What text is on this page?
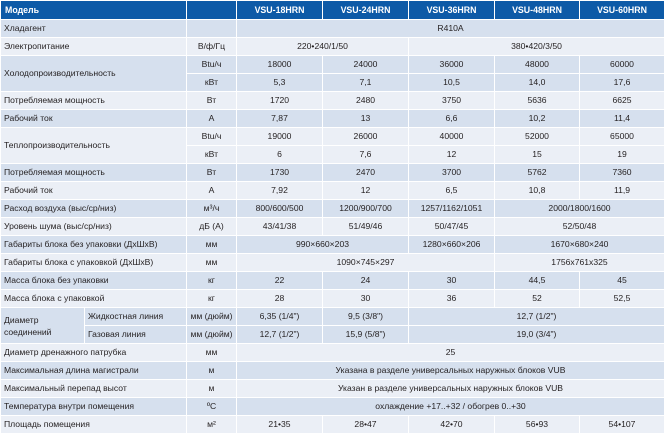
Модель			VSU-18HRN	VSU-24HRN	VSU-36HRN	VSU-48HRN	VSU-60HRN
Хладагент			R410A				
Электропитание		В/ф/Гц	220•240/1/50		380•420/3/50		
Холодопроизводительность		Btu/ч	18000	24000	36000	48000	60000
		кВт	5,3	7,1	10,5	14,0	17,6
Потребляемая мощность		Вт	1720	2480	3750	5636	6625
Рабочий ток		А	7,87	13	6,6	10,2	11,4
Теплопроизводительность		Btu/ч	19000	26000	40000	52000	65000
		кВт	6	7,6	12	15	19
Потребляемая мощность		Вт	1730	2470	3700	5762	7360
Рабочий ток		А	7,92	12	6,5	10,8	11,9
Расход воздуха (выс/ср/низ)		м³/ч	800/600/500	1200/900/700	1257/1162/1051	2000/1800/1600	
Уровень шума (выс/ср/низ)		дБ (А)	43/41/38	51/49/46	50/47/45	52/50/48	
Габариты блока без упаковки (ДхШхВ)		мм	990×660×203		1280×660×206	1670×680×240	
Габариты блока с упаковкой (ДхШхВ)		мм	1090×745×297			1756x761x325	
Масса блока без упаковки		кг	22	24	30	44,5	45
Масса блока с упаковкой		кг	28	30	36	52	52,5
Диаметр соединений	Жидкостная линия	мм (дюйм)	6,35 (1/4")	9,5 (3/8")	12,7 (1/2")		
	Газовая линия	мм (дюйм)	12,7 (1/2")	15,9 (5/8")	19,0 (3/4")		
Диаметр дренажного патрубка		мм	25				
Максимальная длина магистрали		м	Указана в разделе универсальных наружных блоков VUB				
Максимальный перепад высот		м	Указан в разделе универсальных наружных блоков VUB				
Температура внутри помещения		ºС	охлаждение +17..+32 / обогрев 0..+30				
Площадь помещения		м²	21•35	28•47	42•70	56•93	54•107
